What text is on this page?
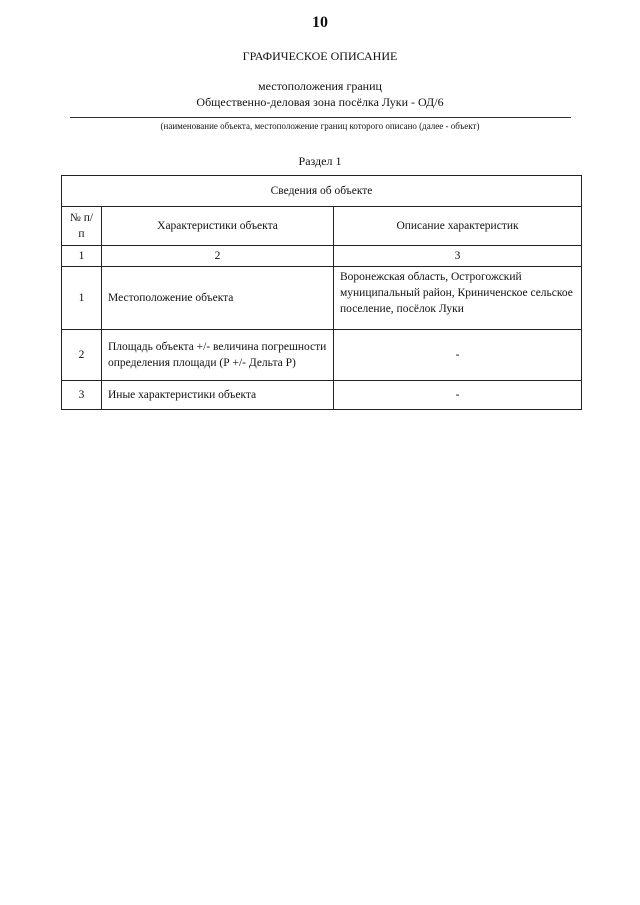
10
ГРАФИЧЕСКОЕ ОПИСАНИЕ
местоположения границ
Общественно-деловая зона посёлка Луки - ОД/6
(наименование объекта, местоположение границ которого описано (далее - объект)
Раздел 1
Сведения об объекте		
№ п/п	Характеристики объекта	Описание характеристик
1	2	3
1	Местоположение объекта	Воронежская область, Острогожский муниципальный район, Криниченское сельское поселение, посёлок Луки
2	Площадь объекта +/- величина погрешности определения площади (Р +/- Дельта Р)	-
3	Иные характеристики объекта	-
